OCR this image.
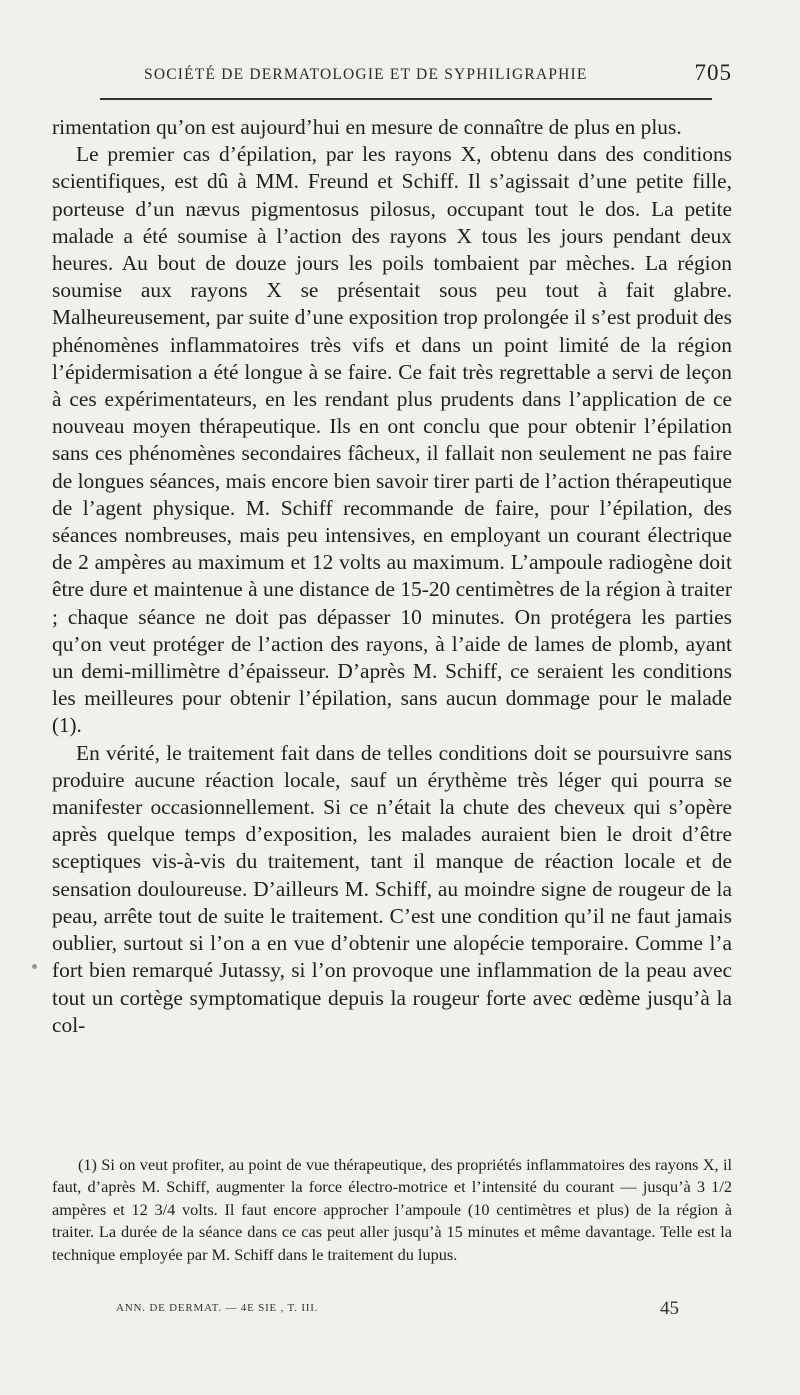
SOCIÉTÉ DE DERMATOLOGIE ET DE SYPHILIGRAPHIE	705

rimentation qu’on est aujourd’hui en mesure de connaître de plus en plus.

Le premier cas d’épilation, par les rayons X, obtenu dans des conditions scientifiques, est dû à MM. Freund et Schiff. Il s’agissait d’une petite fille, porteuse d’un nævus pigmentosus pilosus, occupant tout le dos. La petite malade a été soumise à l’action des rayons X tous les jours pendant deux heures. Au bout de douze jours les poils tombaient par mèches. La région soumise aux rayons X se présentait sous peu tout à fait glabre. Malheureusement, par suite d’une exposition trop prolongée il s’est produit des phénomènes inflammatoires très vifs et dans un point limité de la région l’épidermisation a été longue à se faire. Ce fait très regrettable a servi de leçon à ces expérimentateurs, en les rendant plus prudents dans l’application de ce nouveau moyen thérapeutique. Ils en ont conclu que pour obtenir l’épilation sans ces phénomènes secondaires fâcheux, il fallait non seulement ne pas faire de longues séances, mais encore bien savoir tirer parti de l’action thérapeutique de l’agent physique. M. Schiff recommande de faire, pour l’épilation, des séances nombreuses, mais peu intensives, en employant un courant électrique de 2 ampères au maximum et 12 volts au maximum. L’ampoule radiogène doit être dure et maintenue à une distance de 15-20 centimètres de la région à traiter ; chaque séance ne doit pas dépasser 10 minutes. On protégera les parties qu’on veut protéger de l’action des rayons, à l’aide de lames de plomb, ayant un demi-millimètre d’épaisseur. D’après M. Schiff, ce seraient les conditions les meilleures pour obtenir l’épilation, sans aucun dommage pour le malade (1).

En vérité, le traitement fait dans de telles conditions doit se poursuivre sans produire aucune réaction locale, sauf un érythème très léger qui pourra se manifester occasionnellement. Si ce n’était la chute des cheveux qui s’opère après quelque temps d’exposition, les malades auraient bien le droit d’être sceptiques vis-à-vis du traitement, tant il manque de réaction locale et de sensation douloureuse. D’ailleurs M. Schiff, au moindre signe de rougeur de la peau, arrête tout de suite le traitement. C’est une condition qu’il ne faut jamais oublier, surtout si l’on a en vue d’obtenir une alopécie temporaire. Comme l’a fort bien remarqué Jutassy, si l’on provoque une inflammation de la peau avec tout un cortège symptomatique depuis la rougeur forte avec œdème jusqu’à la col-

(1) Si on veut profiter, au point de vue thérapeutique, des propriétés inflammatoires des rayons X, il faut, d’après M. Schiff, augmenter la force électro-motrice et l’intensité du courant — jusqu’à 3 1/2 ampères et 12 3/4 volts. Il faut encore approcher l’ampoule (10 centimètres et plus) de la région à traiter. La durée de la séance dans ce cas peut aller jusqu’à 15 minutes et même davantage. Telle est la technique employée par M. Schiff dans le traitement du lupus.

ANN. DE DERMAT. — 4E SIE , T. III.	45
